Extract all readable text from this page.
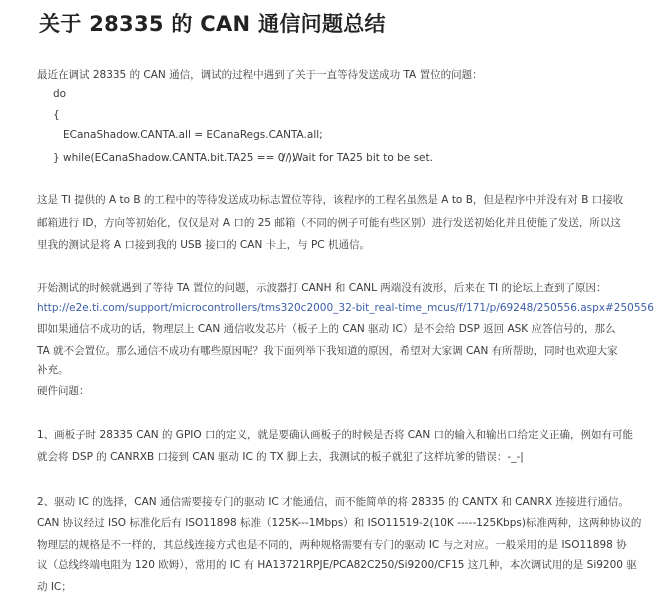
关于 28335 的 CAN 通信问题总结
最近在调试 28335 的 CAN 通信，调试的过程中遇到了关于一直等待发送成功 TA 置位的问题：
do
{
ECanaShadow.CANTA.all = ECanaRegs.CANTA.all;
} while(ECanaShadow.CANTA.bit.TA25 == 0 );
// Wait for TA25 bit to be set.
这是 TI 提供的 A to B 的工程中的等待发送成功标志置位等待，该程序的工程名虽然是 A to B，但是程序中并没有对 B 口接收
邮箱进行 ID，方向等初始化，仅仅是对 A 口的 25 邮箱（不同的例子可能有些区别）进行发送初始化并且使能了发送，所以这
里我的测试是将 A 口接到我的 USB 接口的 CAN 卡上，与 PC 机通信。
开始测试的时候就遇到了等待 TA 置位的问题，示波器打 CANH 和 CANL 两端没有波形，后来在 TI 的论坛上查到了原因：
http://e2e.ti.com/support/microcontrollers/tms320c2000_32-bit_real-time_mcus/f/171/p/69248/250556.aspx#250556
即如果通信不成功的话，物理层上 CAN 通信收发芯片（板子上的 CAN 驱动 IC）是不会给 DSP 返回 ASK 应答信号的，那么
TA 就不会置位。那么通信不成功有哪些原因呢？我下面列举下我知道的原因，希望对大家调 CAN 有所帮助，同时也欢迎大家
补充。
硬件问题：
1、画板子时 28335 CAN 的 GPIO 口的定义，就是要确认画板子的时候是否将 CAN 口的输入和输出口给定义正确，例如有可能
就会将 DSP 的 CANRXB 口接到 CAN 驱动 IC 的 TX 脚上去，我测试的板子就犯了这样坑爹的错误：-_-|
2、驱动 IC 的选择，CAN 通信需要接专门的驱动 IC 才能通信，而不能简单的将 28335 的 CANTX 和 CANRX 连接进行通信。
CAN 协议经过 ISO 标准化后有 ISO11898 标准（125K---1Mbps）和 ISO11519-2(10K -----125Kbps)标准两种，这两种协议的
物理层的规格是不一样的，其总线连接方式也是不同的，两种规格需要有专门的驱动 IC 与之对应。一般采用的是 ISO11898 协
议（总线终端电阻为 120 欧姆），常用的 IC 有 HA13721RPJE/PCA82C250/Si9200/CF15 这几种，本次调试用的是 Si9200 驱
动 IC；
